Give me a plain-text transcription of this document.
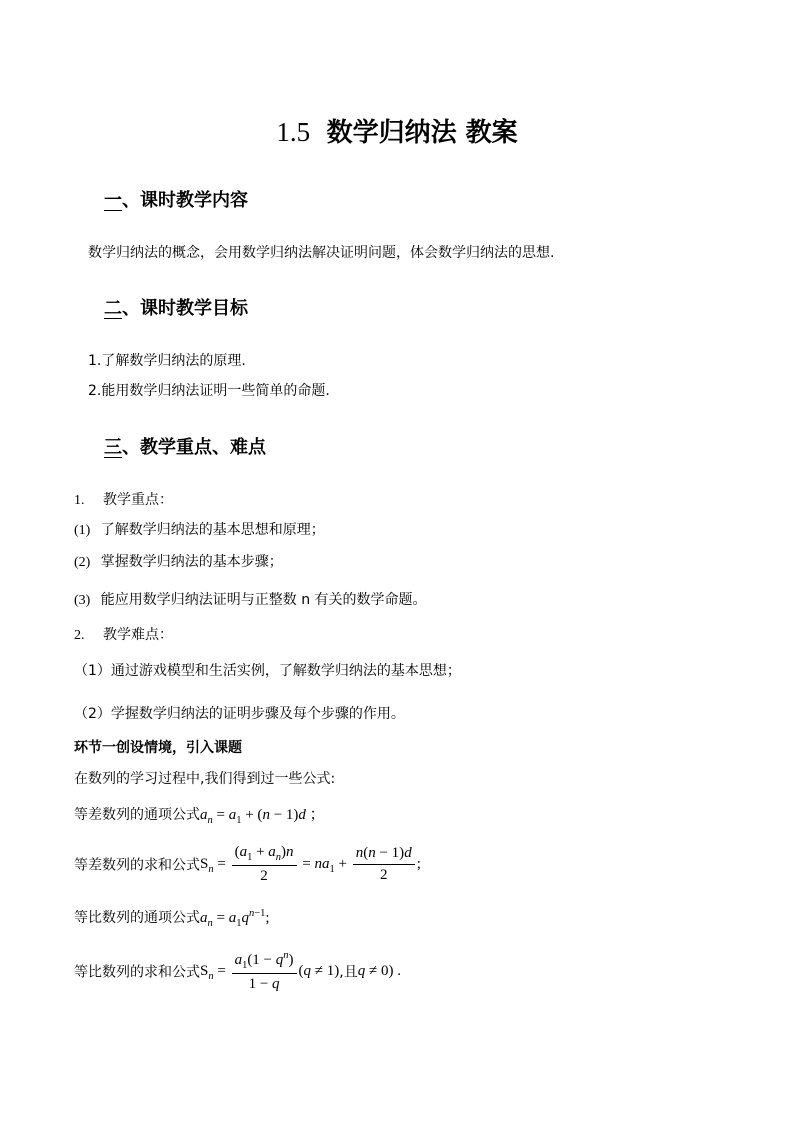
1.5 数学归纳法 教案
一、课时教学内容
数学归纳法的概念，会用数学归纳法解决证明问题，体会数学归纳法的思想.
二、课时教学目标
1.了解数学归纳法的原理.
2.能用数学归纳法证明一些简单的命题.
三、教学重点、难点
1. 教学重点：
(1) 了解数学归纳法的基本思想和原理；
(2) 掌握数学归纳法的基本步骤；
(3) 能应用数学归纳法证明与正整数 n 有关的数学命题。
2. 教学难点：
（1）通过游戏模型和生活实例，了解数学归纳法的基本思想；
（2）学握数学归纳法的证明步骤及每个步骤的作用。
环节一创设情境，引入课题
在数列的学习过程中,我们得到过一些公式:
等差数列的通项公式$a_n = a_1 + (n - 1)d$ ；
等差数列的求和公式$S_n = \frac{(a_1 + a_n)n}{2} = na_1 + \frac{n(n - 1)d}{2}$ ;
等比数列的通项公式$a_n = a_1q^{n-1}$;
等比数列的求和公式$S_n = \frac{a_1(1 - q^n)}{1 - q} (q \ne 1)$,且q ≠ 0) .
